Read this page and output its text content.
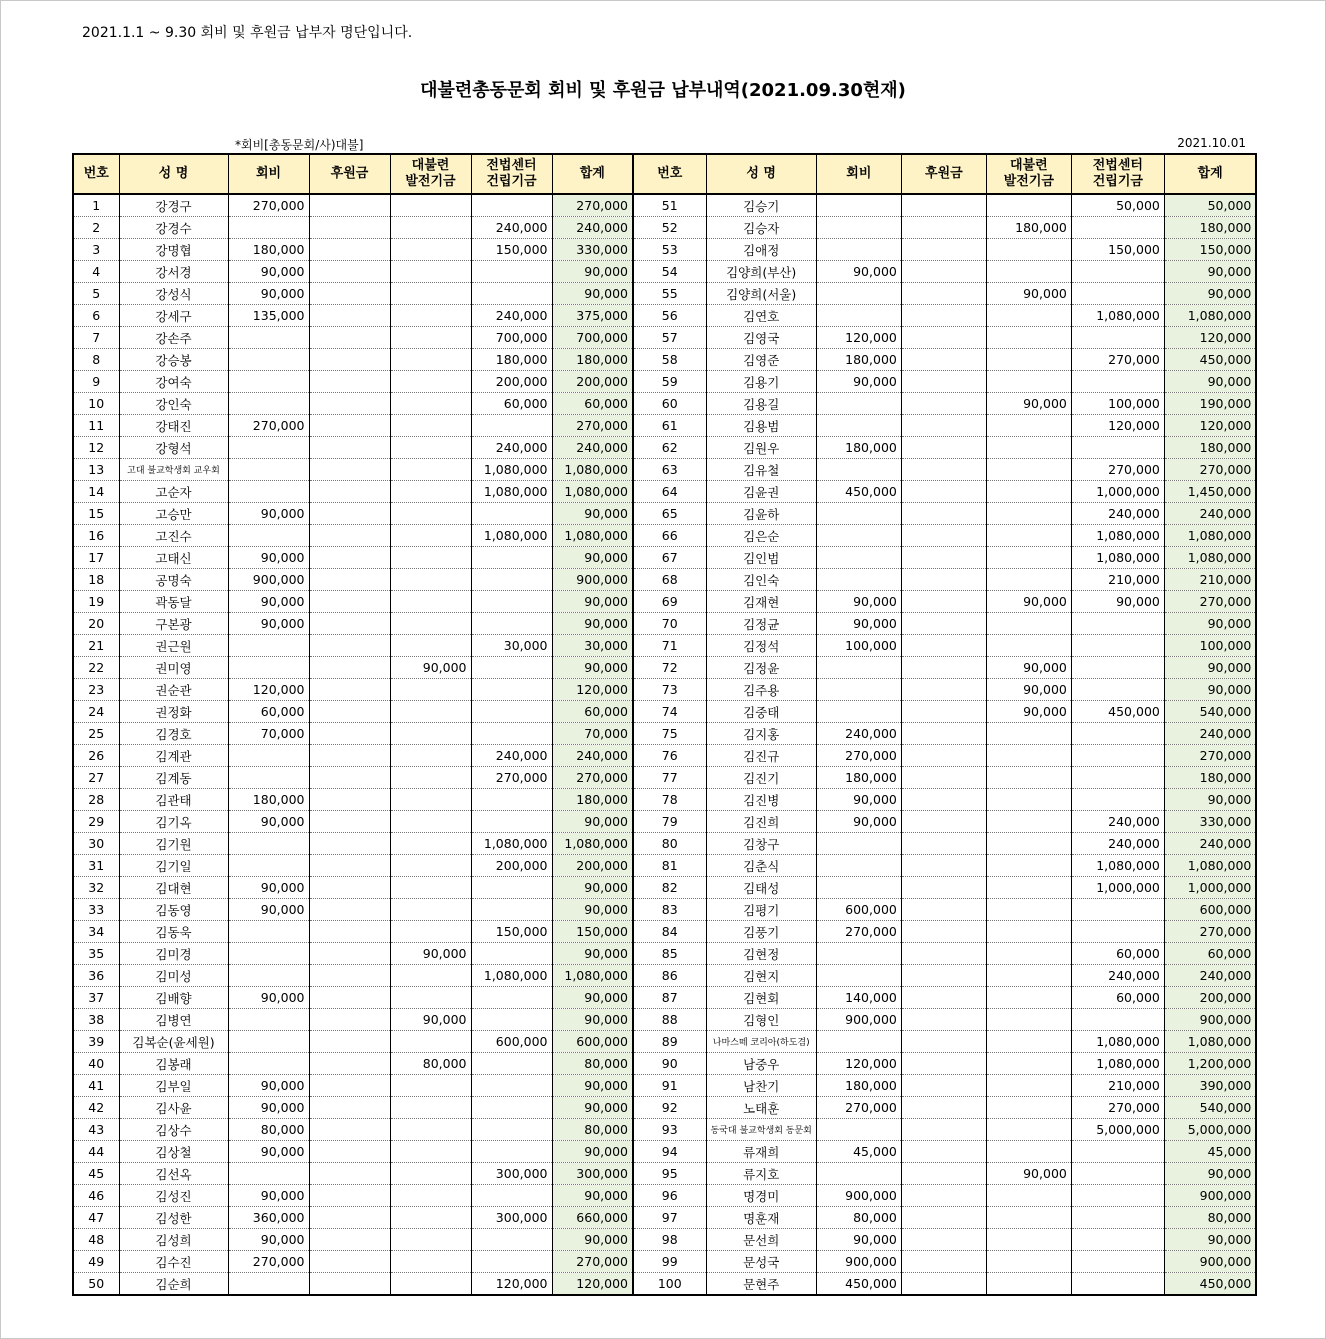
2021.1.1 ~ 9.30 회비 및 후원금 납부자 명단입니다.
대불련총동문회 회비 및 후원금 납부내역(2021.09.30현재)
*회비[총동문회/사)대불]	2021.10.01
번호	성 명	회비	후원금	대불련
발전기금	전법센터
건립기금	합계	번호	성 명	회비	후원금	대불련
발전기금	전법센터
건립기금	합계
1	강경구	270,000				270,000	51	김승기				50,000	50,000
2	강경수				240,000	240,000	52	김승자			180,000		180,000
3	강명협	180,000			150,000	330,000	53	김애정				150,000	150,000
4	강서경	90,000				90,000	54	김양희(부산)	90,000				90,000
5	강성식	90,000				90,000	55	김양희(서울)			90,000		90,000
6	강세구	135,000			240,000	375,000	56	김연호				1,080,000	1,080,000
7	강손주				700,000	700,000	57	김영국	120,000				120,000
8	강승봉				180,000	180,000	58	김영준	180,000			270,000	450,000
9	강여숙				200,000	200,000	59	김용기	90,000				90,000
10	강인숙				60,000	60,000	60	김용길			90,000	100,000	190,000
11	강태진	270,000				270,000	61	김용범				120,000	120,000
12	강형석				240,000	240,000	62	김원우	180,000				180,000
13	고대 불교학생회 교우회				1,080,000	1,080,000	63	김유철				270,000	270,000
14	고순자				1,080,000	1,080,000	64	김윤권	450,000			1,000,000	1,450,000
15	고승만	90,000				90,000	65	김윤하				240,000	240,000
16	고진수				1,080,000	1,080,000	66	김은순				1,080,000	1,080,000
17	고태신	90,000				90,000	67	김인범				1,080,000	1,080,000
18	공명숙	900,000				900,000	68	김인숙				210,000	210,000
19	곽동달	90,000				90,000	69	김재현	90,000		90,000	90,000	270,000
20	구본광	90,000				90,000	70	김정균	90,000				90,000
21	권근원				30,000	30,000	71	김정석	100,000				100,000
22	권미영			90,000		90,000	72	김정윤			90,000		90,000
23	권순관	120,000				120,000	73	김주용			90,000		90,000
24	권정화	60,000				60,000	74	김중태			90,000	450,000	540,000
25	김경호	70,000				70,000	75	김지홍	240,000				240,000
26	김계관				240,000	240,000	76	김진규	270,000				270,000
27	김계동				270,000	270,000	77	김진기	180,000				180,000
28	김관태	180,000				180,000	78	김진병	90,000				90,000
29	김기옥	90,000				90,000	79	김진희	90,000			240,000	330,000
30	김기원				1,080,000	1,080,000	80	김창구				240,000	240,000
31	김기일				200,000	200,000	81	김춘식				1,080,000	1,080,000
32	김대현	90,000				90,000	82	김태성				1,000,000	1,000,000
33	김동영	90,000				90,000	83	김평기	600,000				600,000
34	김동욱				150,000	150,000	84	김풍기	270,000				270,000
35	김미경			90,000		90,000	85	김현정				60,000	60,000
36	김미성				1,080,000	1,080,000	86	김현지				240,000	240,000
37	김배향	90,000				90,000	87	김현회	140,000			60,000	200,000
38	김병연			90,000		90,000	88	김형인	900,000				900,000
39	김복순(윤세원)				600,000	600,000	89	나마스떼 코리아(하도겸)				1,080,000	1,080,000
40	김봉래			80,000		80,000	90	남중우	120,000			1,080,000	1,200,000
41	김부일	90,000				90,000	91	남찬기	180,000			210,000	390,000
42	김사윤	90,000				90,000	92	노태훈	270,000			270,000	540,000
43	김상수	80,000				80,000	93	동국대 불교학생회 동문회				5,000,000	5,000,000
44	김상철	90,000				90,000	94	류재희	45,000				45,000
45	김선옥				300,000	300,000	95	류지호			90,000		90,000
46	김성진	90,000				90,000	96	명경미	900,000				900,000
47	김성한	360,000			300,000	660,000	97	명훈재	80,000				80,000
48	김성희	90,000				90,000	98	문선희	90,000				90,000
49	김수진	270,000				270,000	99	문성국	900,000				900,000
50	김순희				120,000	120,000	100	문현주	450,000				450,000
